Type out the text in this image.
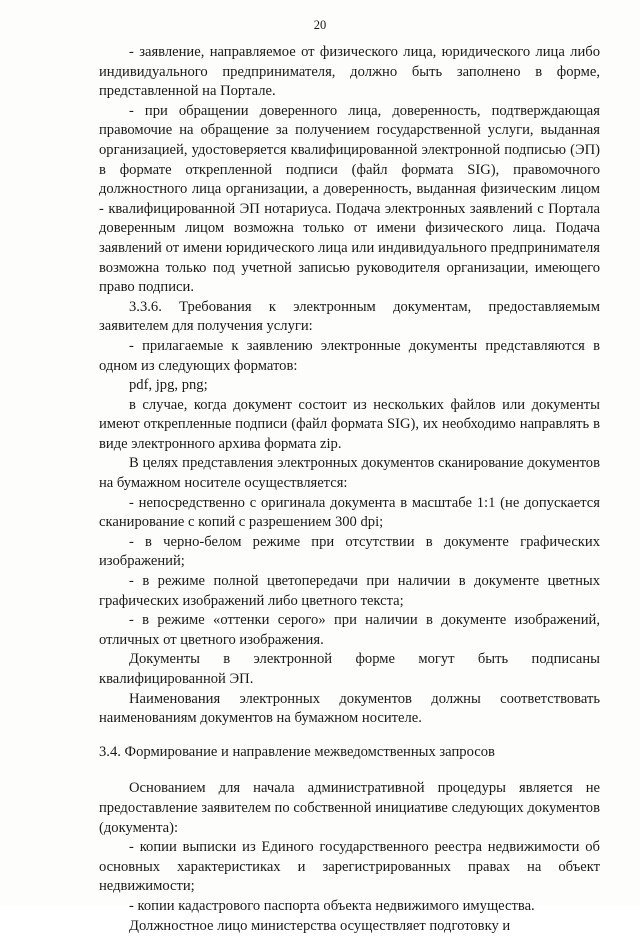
20

- заявление, направляемое от физического лица, юридического лица либо индивидуального предпринимателя, должно быть заполнено в форме, представленной на Портале.

- при обращении доверенного лица, доверенность, подтверждающая правомочие на обращение за получением государственной услуги, выданная организацией, удостоверяется квалифицированной электронной подписью (ЭП) в формате открепленной подписи (файл формата SIG), правомочного должностного лица организации, а доверенность, выданная физическим лицом - квалифицированной ЭП нотариуса. Подача электронных заявлений с Портала доверенным лицом возможна только от имени физического лица. Подача заявлений от имени юридического лица или индивидуального предпринимателя возможна только под учетной записью руководителя организации, имеющего право подписи.

3.3.6. Требования к электронным документам, предоставляемым заявителем для получения услуги:

- прилагаемые к заявлению электронные документы представляются в одном из следующих форматов:

pdf, jpg, png;

в случае, когда документ состоит из нескольких файлов или документы имеют открепленные подписи (файл формата SIG), их необходимо направлять в виде электронного архива формата zip.

В целях представления электронных документов сканирование документов на бумажном носителе осуществляется:

- непосредственно с оригинала документа в масштабе 1:1 (не допускается сканирование с копий с разрешением 300 dpi;

- в черно-белом режиме при отсутствии в документе графических изображений;

- в режиме полной цветопередачи при наличии в документе цветных графических изображений либо цветного текста;

- в режиме «оттенки серого» при наличии в документе изображений, отличных от цветного изображения.

Документы в электронной форме могут быть подписаны квалифицированной ЭП.

Наименования электронных документов должны соответствовать наименованиям документов на бумажном носителе.

3.4. Формирование и направление межведомственных запросов

Основанием для начала административной процедуры является не предоставление заявителем по собственной инициативе следующих документов (документа):

- копии выписки из Единого государственного реестра недвижимости об основных характеристиках и зарегистрированных правах на объект недвижимости;

- копии кадастрового паспорта объекта недвижимого имущества.

Должностное лицо министерства осуществляет подготовку и
